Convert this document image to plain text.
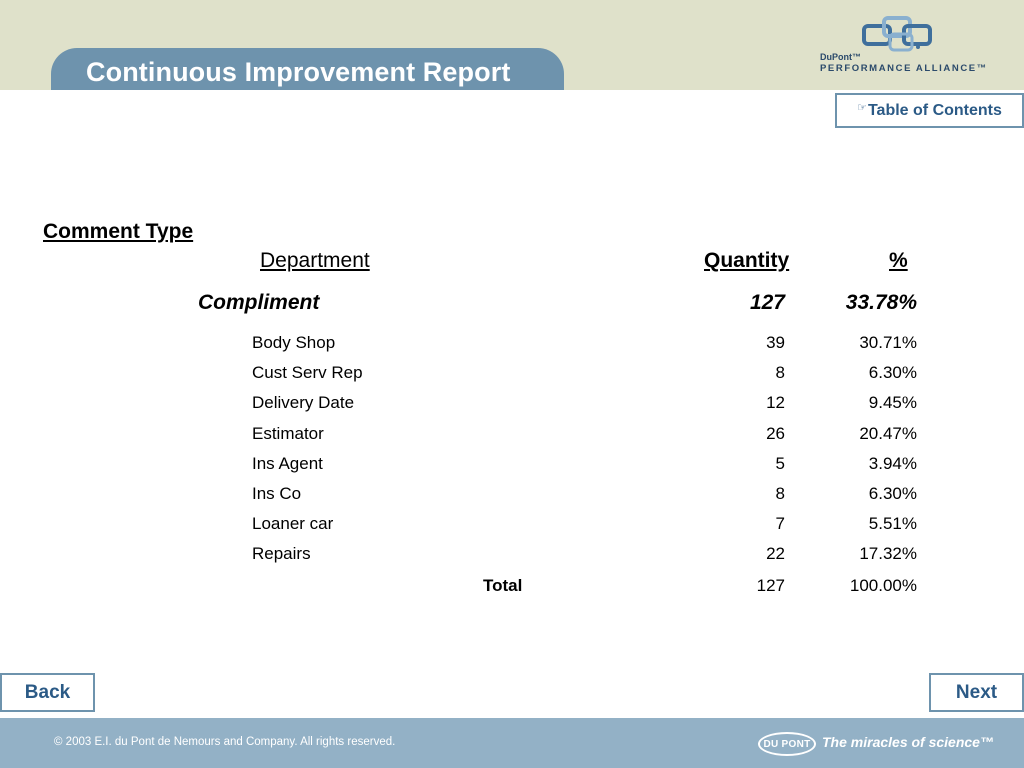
Continuous Improvement Report	DuPont™
PERFORMANCE ALLIANCE™
☞ Table of Contents
Comment Type
Department	Quantity	%
Compliment	127	33.78%
Body Shop	39	30.71%
Cust Serv Rep	8	6.30%
Delivery Date	12	9.45%
Estimator	26	20.47%
Ins Agent	5	3.94%
Ins Co	8	6.30%
Loaner car	7	5.51%
Repairs	22	17.32%
Total	127	100.00%
Back	Next
© 2003 E.I. du Pont de Nemours and Company. All rights reserved.	DU PONT The miracles of science™
